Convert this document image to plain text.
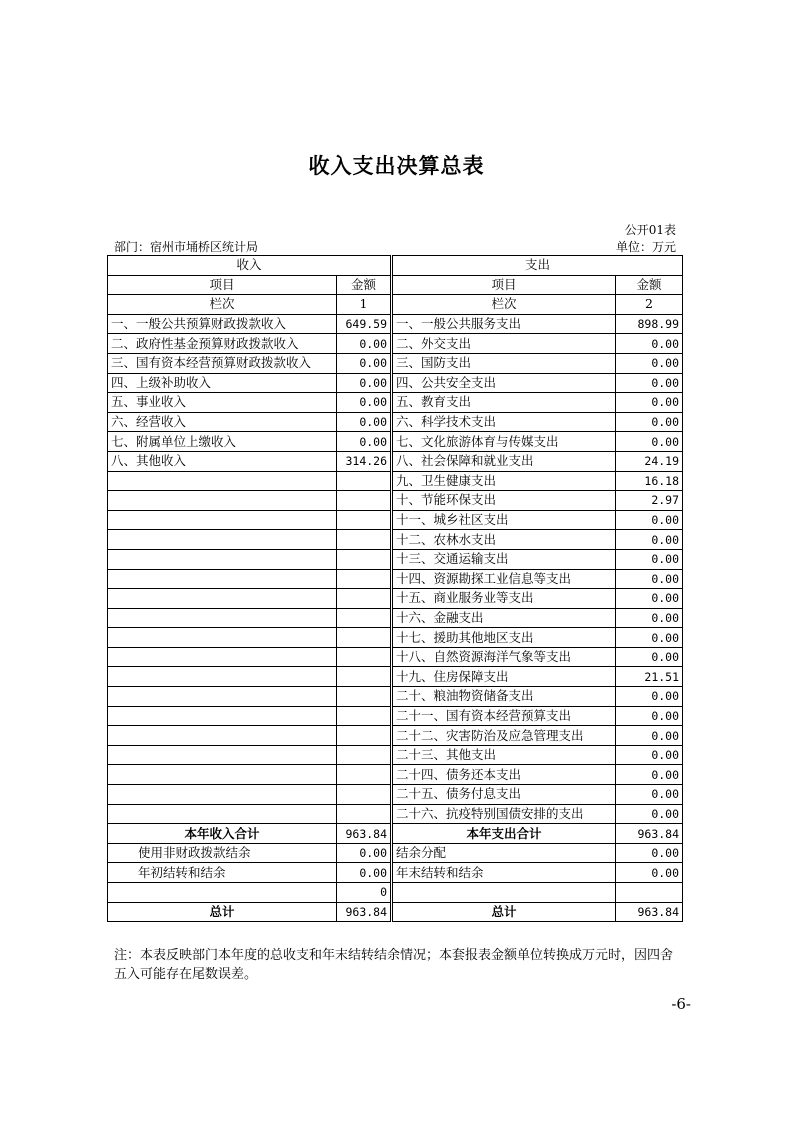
收入支出决算总表
公开01表
部门：宿州市埇桥区统计局	单位：万元
收入		支出	
项目	金额	项目	金额
栏次	1	栏次	2
一、一般公共预算财政拨款收入	649.59	一、一般公共服务支出	898.99
二、政府性基金预算财政拨款收入	0.00	二、外交支出	0.00
三、国有资本经营预算财政拨款收入	0.00	三、国防支出	0.00
四、上级补助收入	0.00	四、公共安全支出	0.00
五、事业收入	0.00	五、教育支出	0.00
六、经营收入	0.00	六、科学技术支出	0.00
七、附属单位上缴收入	0.00	七、文化旅游体育与传媒支出	0.00
八、其他收入	314.26	八、社会保障和就业支出	24.19
		九、卫生健康支出	16.18
		十、节能环保支出	2.97
		十一、城乡社区支出	0.00
		十二、农林水支出	0.00
		十三、交通运输支出	0.00
		十四、资源勘探工业信息等支出	0.00
		十五、商业服务业等支出	0.00
		十六、金融支出	0.00
		十七、援助其他地区支出	0.00
		十八、自然资源海洋气象等支出	0.00
		十九、住房保障支出	21.51
		二十、粮油物资储备支出	0.00
		二十一、国有资本经营预算支出	0.00
		二十二、灾害防治及应急管理支出	0.00
		二十三、其他支出	0.00
		二十四、债务还本支出	0.00
		二十五、债务付息支出	0.00
		二十六、抗疫特别国债安排的支出	0.00
本年收入合计	963.84	本年支出合计	963.84
使用非财政拨款结余	0.00	结余分配	0.00
年初结转和结余	0.00	年末结转和结余	0.00
	0		
总计	963.84	总计	963.84
注：本表反映部门本年度的总收支和年末结转结余情况；本套报表金额单位转换成万元时，因四舍五入可能存在尾数误差。
-6-
